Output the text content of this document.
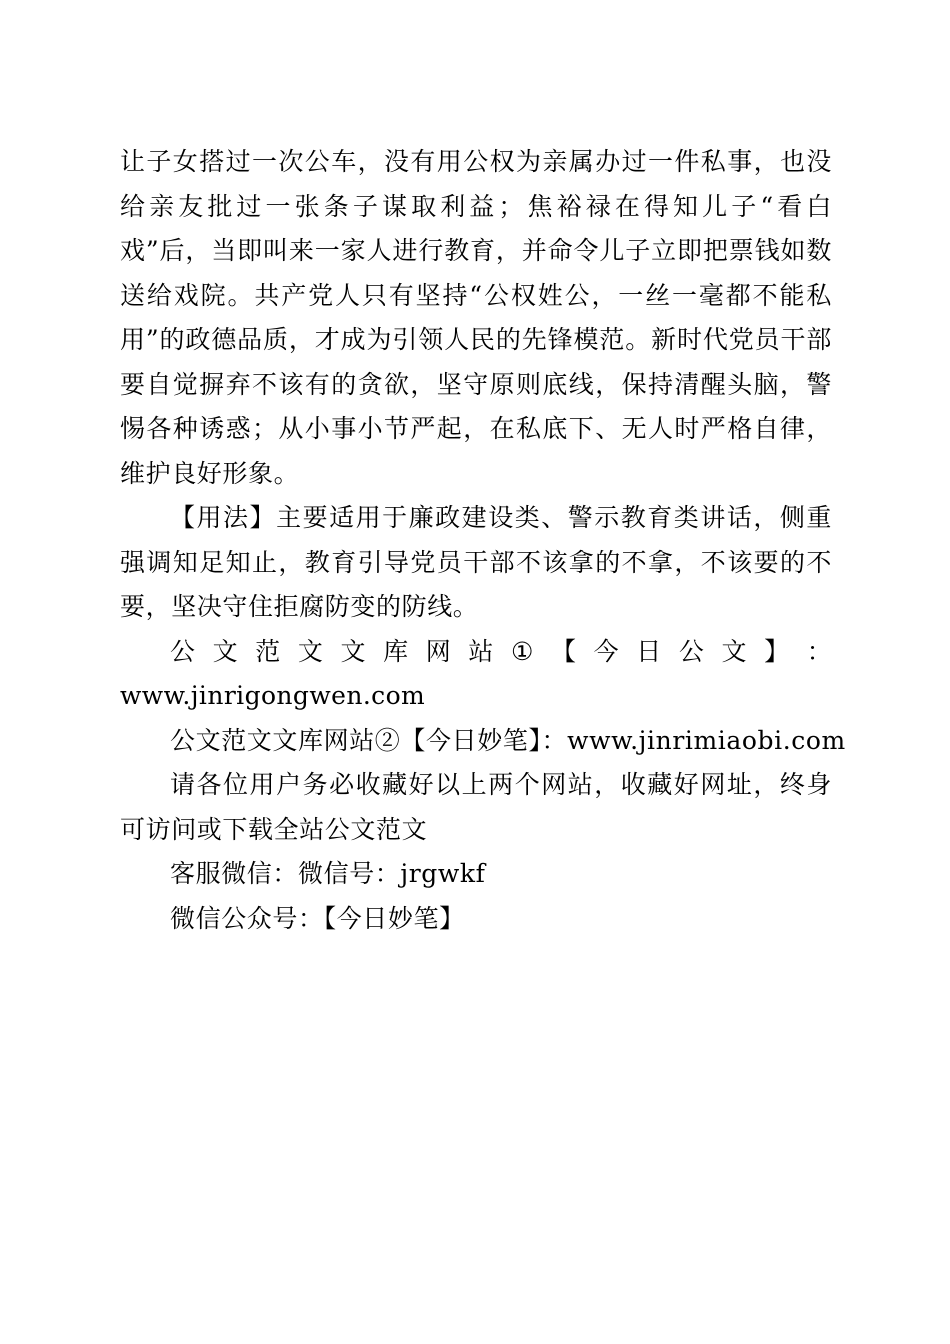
让子女搭过一次公车，没有用公权为亲属办过一件私事，也没给亲友批过一张条子谋取利益；焦裕禄在得知儿子“看白戏”后，当即叫来一家人进行教育，并命令儿子立即把票钱如数送给戏院。共产党人只有坚持“公权姓公，一丝一毫都不能私用”的政德品质，才成为引领人民的先锋模范。新时代党员干部要自觉摒弃不该有的贪欲，坚守原则底线，保持清醒头脑，警惕各种诱惑；从小事小节严起，在私底下、无人时严格自律，维护良好形象。

【用法】主要适用于廉政建设类、警示教育类讲话，侧重强调知足知止，教育引导党员干部不该拿的不拿，不该要的不要，坚决守住拒腐防变的防线。

公 文 范 文 文 库 网 站 ① 【 今 日 公 文 】 ：

www.jinrigongwen.com

公文范文文库网站②【今日妙笔】：www.jinrimiaobi.com

请各位用户务必收藏好以上两个网站，收藏好网址，终身可访问或下载全站公文范文

客服微信：微信号：jrgwkf

微信公众号：【今日妙笔】
